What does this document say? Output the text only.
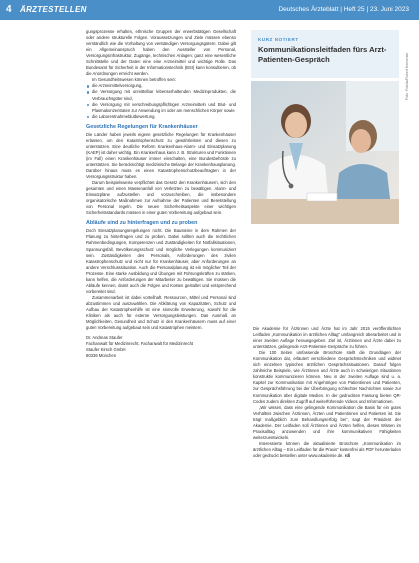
4 ÄRZTESTELLEN	Deutsches Ärzteblatt | Heft 25 | 23. Juni 2023

gungsprozesse erhalten, ethnische Gruppen der erwerbstätigen Gesellschaft oder andere strukturelle Folgen. Voraussetzungen und Ziele müssen ebenso verständlich wie die Vorhaltung von verständigen Versorgungsgütern. Dabei gilt ein Allgemeinanspruch haben den Aussteller von Personal, Versorgungsinfrastruktur, Zugänge, technischen Anlagen; ganz eine wesentliche Schnittstelle und der Daten eine eine Arzneimittel und wichtige Rolle. Das Bundesamt für Sicherheit in der Informationstechnik (BSI) kann konsultieren, ob die Anordnungen erreicht werden.

Im Gesundheitswesen können betroffen sein:

die Arzneimittelversorgung,
die Versorgung mit unmittelbar lebenserhaltenden Medizinprodukten, die Verbrauchsgüter sind,
die Versorgung mit verschreibungspflichtigen Arzneimitteln und Blut- und Plasmakonzentraten zur Anwendung im oder am menschlichen Körper sowie
die Laborentnahmeblutbewertung.
Gesetzliche Regelungen für Krankenhäuser

Die Länder haben jeweils eigene gesetzliche Regelungen für Krankenhäuser erlassen, um den Katastrophenschutz zu gewährleisten und diesen zu unterstützen. Eine deutliche Reform Krankenhaus-Alarm- und Einsatzplanung (KAEP) ist daher wichtig. Ein Krankenhaus kann z. B. Strukturen und Funktionen (im Fall) einen Krankenhäuser immer einschalten, eine Bundesbehörde zu unterstützen. Sie berücksichtigt medizinische Belange der Krankenhausplanung. Darüber hinaus muss es einen Katastrophenschutzbeauftragten in der Versorgungsstruktur haben.

Darum beispielsweise verpflichtet das Gesetz den Krankenhäusern, sich den gesamten und einen Massenanfall von Verletzten zu bewältigen. Alarm- und Einsatzpläne aufzustellen und vorzuschreiben, die insbesondere organisatorische Maßnahmen zur Aufnahme der Patienten und Bereitstellung von Personal regeln. Die neuen Sicherheitsaspekte einer wichtigen Sicherheitsstandards müssen in einer guten Vorbereitung aufgebaut sein.

Abläufe sind zu hinterfragen und zu proben

Doch Einsatzplanungsregelungen nicht. Die Bausteine in dem Rahmen der Planung zu hinterfragen und zu proben. Dabei sollten auch die rechtlichen Rahmenbedingungen, Kompetenzen und Zuständigkeiten für Notfallsituationen, Spannungsfall, Bevölkerungsschutz und mögliche Verlegungen kommuniziert sein. Zuständigkeiten des Personals, Anforderungen des zivilen Katastrophenschutz und nicht nur für Krankenhäuser, aber Anforderungen an andere Verschlusssituation. Auch die Personalplanung ist ein möglicher Teil der Prozesse. Eine starke Ausbildung und Übungen mit Führungskräften zu stärken, kann helfen, die Anforderungen der Mitarbeiter zu bewältigen. Sie müssen die Abläufe kennen, damit auch die Folgen und Kosten gestaltet und entsprechend vorbereitet sind.

Zusammenarbeit ist dabei vorteilhaft. Ressourcen, Mittel und Personal sind abzustimmen und auszuwählen. Die Abklärung von Kapazitäten, Schutz und Aufbau der Katastrophenhilfe ist eine sinnvolle Erweiterung, sowohl für die Kliniken als auch für externe Versorgungsleistungen. Das Ausmaß an Möglichkeiten, Gesundheit und Schutz in den Krankenhäusern muss auf einer guten Vorbereitung aufgebaut sein und Katastrophen meistern.

Dr. Andreas Staufer
Fachanwalt für Medizinrecht, Fachanwalt für Medizinrecht
Staufer Kirsch GmbH
80336 München
KURZ NOTIERT
Kommunikationsleitfaden fürs Arzt-Patienten-Gespräch	Foto: Fotolia/Robert Kneschke

Die Akademie für Ärztinnen und Ärzte hat im Jahr 2015 veröffentlichten Leitfaden „Kommunikation im ärztlichen Alltag“ umfangreich überarbeitet und in einer zweiten Auflage herausgegeben. Ziel ist, Ärztinnen und Ärzte dabei zu unterstützen, gelingende Arzt-Patienten-Gespräche zu führen.

Die 100 Seiten umfassende Broschüre stellt die Grundlagen der Kommunikation dar, erläutert verschiedene Gesprächstechniken und widmet sich einzelnen typischen ärztlichen Gesprächssituationen. Darauf folgen zahlreiche Beispiele, wie Ärztinnen und Ärzte auch in schwierigen Situationen konstruktiv kommunizieren können. Neu in der zweiten Auflage sind u. a. Kapitel zur Kommunikation mit Angehörigen von Patientinnen und Patienten, zur Gesprächsführung bei der Überbringung schlechter Nachrichten sowie zur Kommunikation über digitale Medien. In der gedruckten Fassung bieten QR-Codes zudem direkten Zugriff auf weiterführende Videos und Informationen.

„Wir wissen, dass eine gelingende Kommunikation die Basis für ein gutes Verhältnis zwischen Ärztinnen, Ärzten und Patientinnen und Patienten ist. Sie trägt maßgeblich zum Behandlungserfolg bei“, sagt der Präsident der Akademie. Der Leitfaden soll Ärztinnen und Ärzten helfen, dieses Wissen im Praxisalltag anzuwenden und ihre kommunikativen Fähigkeiten weiterzuentwickeln.

Interessierte können die aktualisierte Broschüre „Kommunikation im ärztlichen Alltag – Ein Leitfaden für die Praxis“ kostenfrei als PDF herunterladen oder gedruckt bestellen unter www.akademie.de. rdi
